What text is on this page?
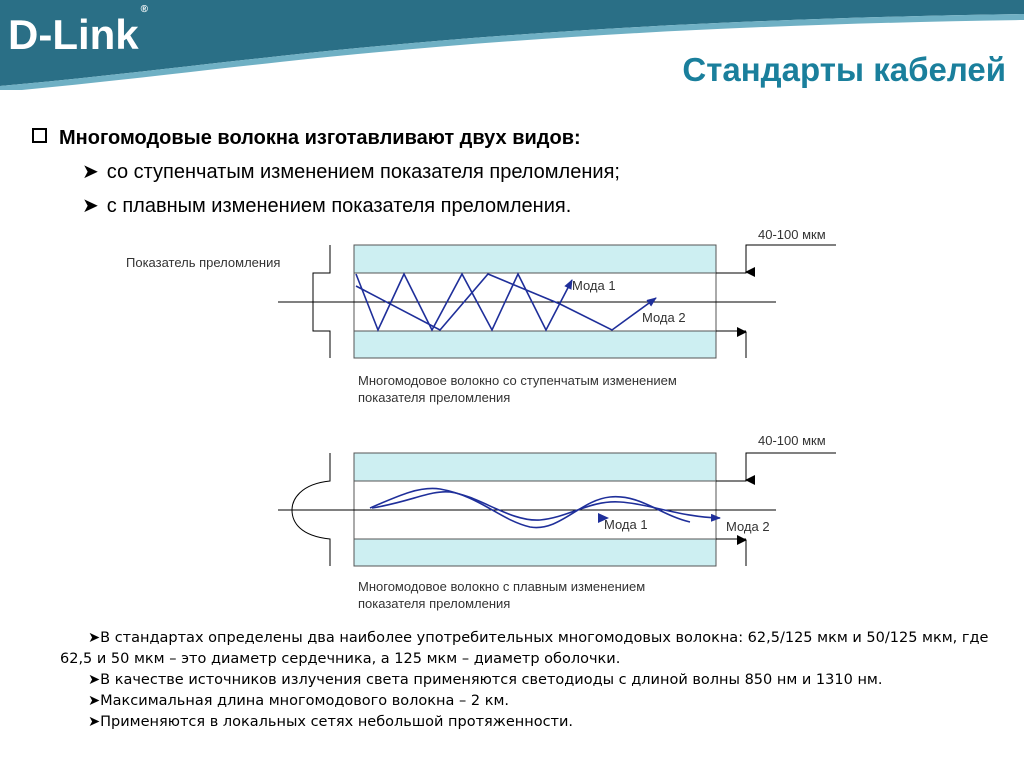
D-Link®
Стандарты кабелей
Многомодовые волокна изготавливают двух видов:
➤ со ступенчатым изменением показателя преломления;
➤ с плавным изменением показателя преломления.
Показатель преломления
Мода 1
Мода 2
40-100 мкм
Многомодовое волокно со ступенчатым изменением
показателя преломления
Мода 1	Мода 2
40-100 мкм
Многомодовое волокно с плавным изменением
показателя преломления

➤В стандартах определены два наиболее употребительных многомодовых волокна: 62,5/125 мкм и 50/125 мкм, где 62,5 и 50 мкм – это диаметр сердечника, а 125 мкм – диаметр оболочки.

➤В качестве источников излучения света применяются светодиоды с длиной волны 850 нм и 1310 нм.

➤Максимальная длина многомодового волокна – 2 км.

➤Применяются в локальных сетях небольшой протяженности.
